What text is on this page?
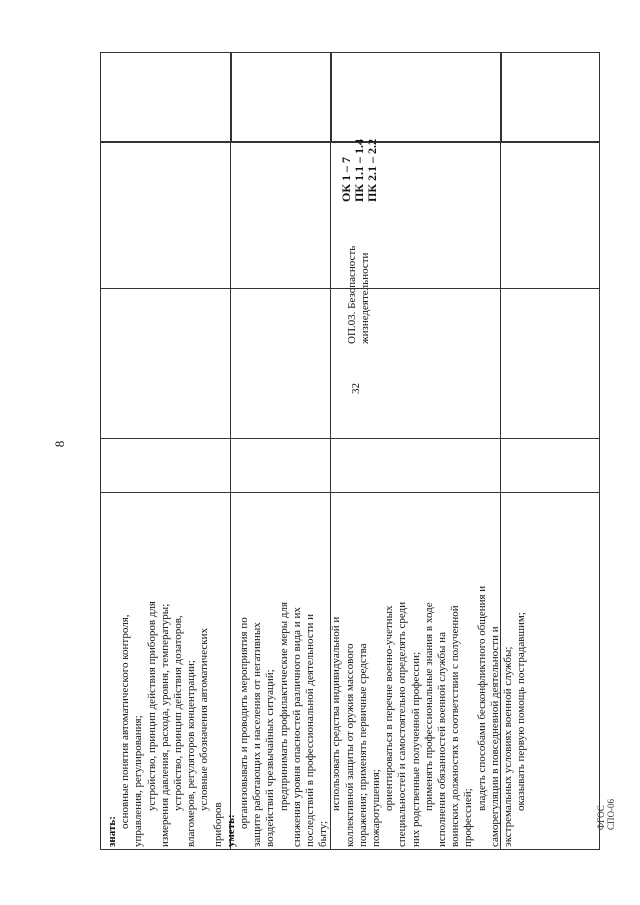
8
ОК 1 – 7 ПК 1.1 – 1.4 ПК 2.1 – 2.2
ОП.03. Безопасность жизнедеятельности
32
знать:
основные понятия автоматического контроля, управления, регулирования; устройство, принцип действия приборов для измерения давления, расхода, уровня, температуры; устройство, принцип действия дозаторов, влагомеров, регуляторов концентрации; условные обозначения автоматических
приборов уметь:
организовывать и проводить мероприятия по защите работающих и населения от негативных воздействий чрезвычайных ситуаций; предпринимать профилактические меры для снижения уровня опасностей различного вида и их последствий в профессиональной деятельности и быту;
использовать средства индивидуальной и коллективной защиты от оружия массового поражения; применять первичные средства пожаротушения; ориентироваться в перечне военно-учетных специальностей и самостоятельно определять среди них родственные полученной профессии; применять профессиональные знания в ходе исполнения обязанностей военной службы на воинских должностях в соответствии с полученной профессией;
владеть способами бесконфликтного общения и саморегуляции в повседневной деятельности и экстремальных условиях военной службы; оказывать первую помощь пострадавшим;
ФГОС СПО-06
